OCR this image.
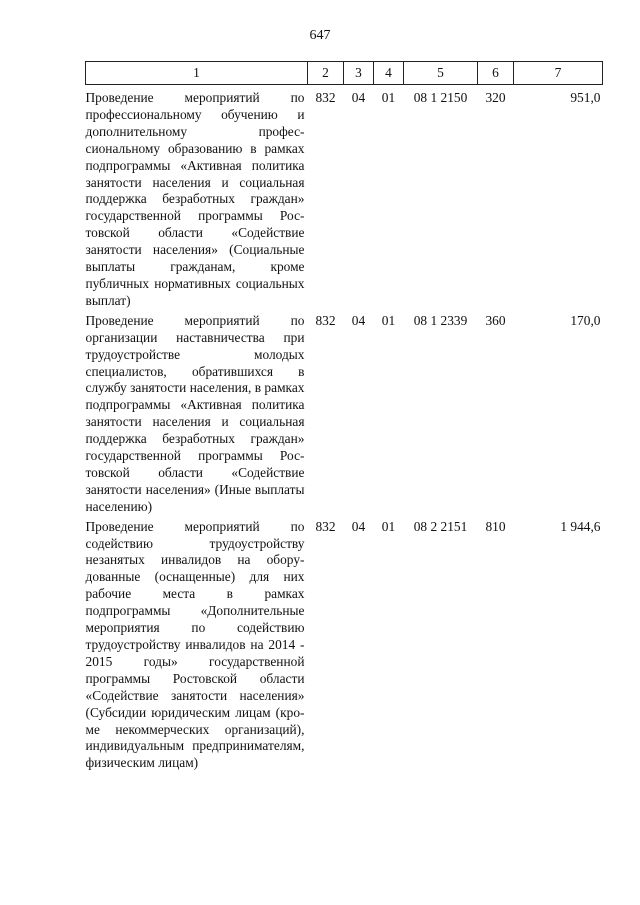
647
1	2	3	4	5	6	7
Проведение мероприятий по профессиональному обучению и дополнительному профессиональному образованию в рамках подпрограммы «Активная политика занятости населения и социальная поддержка безработных граждан» государственной программы Ростовской области «Содействие занятости населения» (Социальные выплаты гражданам, кроме публичных нормативных социальных выплат)	832	04	01	08 1 2150	320	951,0

Проведение мероприятий по организации наставничества при трудоустройстве молодых специалистов, обратившихся в службу занятости населения, в рамках подпрограммы «Активная политика занятости населения и социальная поддержка безработных граждан» государственной программы Ростовской области «Содействие занятости населения» (Иные выплаты населению)	832	04	01	08 1 2339	360	170,0

Проведение мероприятий по содействию трудоустройству незанятых инвалидов на оборудованные (оснащенные) для них рабочие места в рамках подпрограммы «Дополнительные мероприятия по содействию трудоустройству инвалидов на 2014 - 2015 годы» государственной программы Ростовской области «Содействие занятости населения» (Субсидии юридическим лицам (кроме некоммерческих организаций), индивидуальным предпринимателям, физическим лицам)	832	04	01	08 2 2151	810	1 944,6
